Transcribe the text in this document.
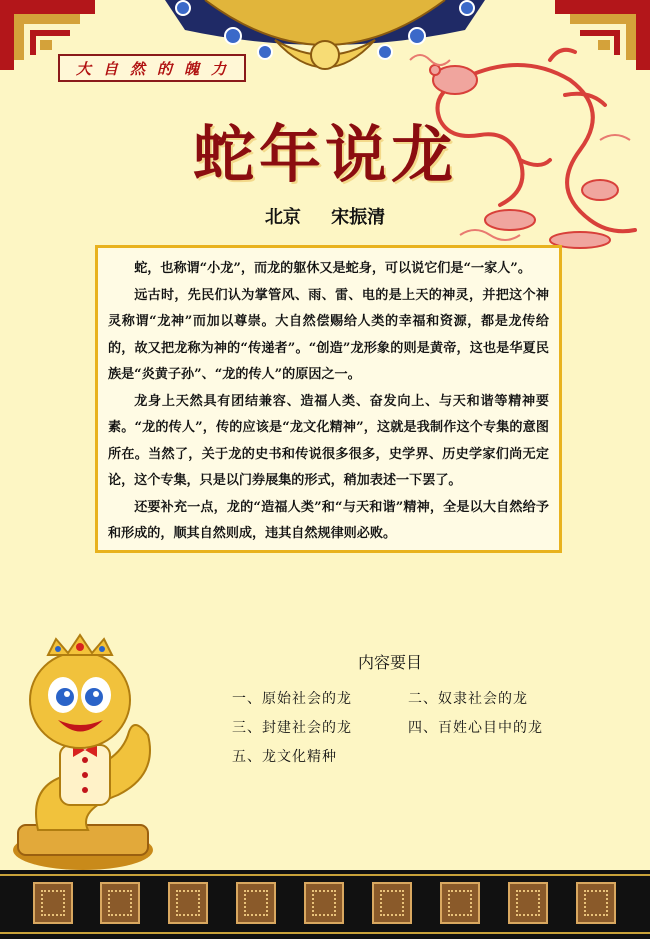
大自然的魄力
蛇年说龙
北京 宋振清

蛇，也称谓“小龙”，而龙的躯休又是蛇身，可以说它们是“一家人”。

远古时，先民们认为掌管风、雨、雷、电的是上天的神灵，并把这个神灵称谓“龙神”而加以尊崇。大自然偿赐给人类的幸福和资源，都是龙传给的，故又把龙称为神的“传递者”。“创造”龙形象的则是黄帝，这也是华夏民族是“炎黄子孙”、“龙的传人”的原因之一。

龙身上天然具有团结兼容、造福人类、奋发向上、与天和谐等精神要素。“龙的传人”，传的应该是“龙文化精神”，这就是我制作这个专集的意图所在。当然了，关于龙的史书和传说很多很多，史学界、历史学家们尚无定论，这个专集，只是以门券展集的形式，稍加表述一下罢了。

还要补充一点，龙的“造福人类”和“与天和谐”精神，全是以大自然给予和形成的，顺其自然则成，违其自然规律则必败。

内容要目
一、原始社会的龙	二、奴隶社会的龙
三、封建社会的龙	四、百姓心目中的龙
五、龙文化精种
